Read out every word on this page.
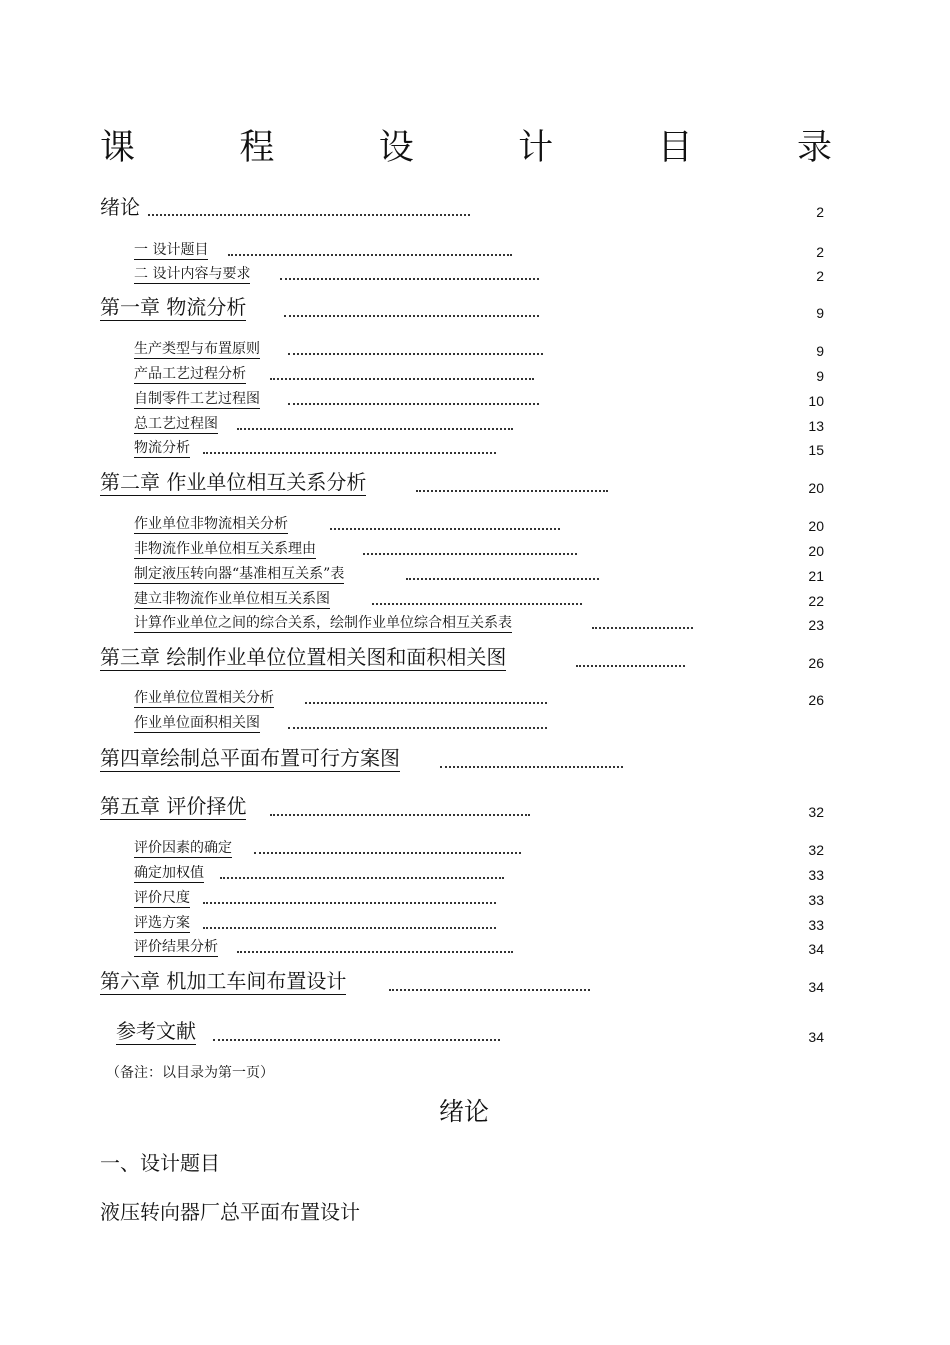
课	程	设	计	目	录
绪论	2
一 设计题目	2
二 设计内容与要求	2
第一章 物流分析	9
生产类型与布置原则	9
产品工艺过程分析	9
自制零件工艺过程图	10
总工艺过程图	13
物流分析	15
第二章 作业单位相互关系分析	20
作业单位非物流相关分析	20
非物流作业单位相互关系理由	20
制定液压转向器“基准相互关系”表	21
建立非物流作业单位相互关系图	22
计算作业单位之间的综合关系，绘制作业单位综合相互关系表	23
第三章 绘制作业单位位置相关图和面积相关图	26
作业单位位置相关分析	26
作业单位面积相关图
第四章绘制总平面布置可行方案图
第五章 评价择优	32
评价因素的确定	32
确定加权值	33
评价尺度	33
评选方案	33
评价结果分析	34
第六章 机加工车间布置设计	34
参考文献	34
（备注：以目录为第一页）
绪论
一、设计题目
液压转向器厂总平面布置设计
